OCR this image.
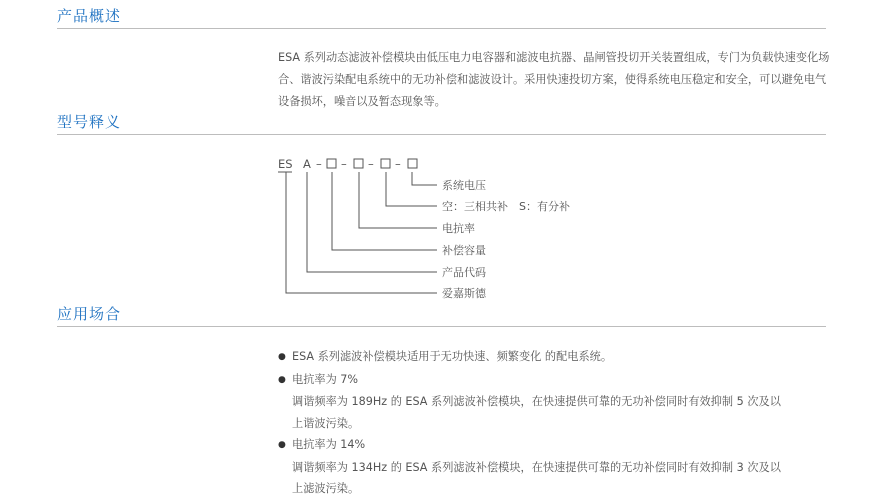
产品概述
ESA 系列动态滤波补偿模块由低压电力电容器和滤波电抗器、晶闸管投切开关装置组成，专门为负载快速变化场合、谐波污染配电系统中的无功补偿和滤波设计。采用快速投切方案，使得系统电压稳定和安全，可以避免电气设备损坏，噪音以及暂态现象等。
型号释义
ES A – – – –
系统电压
空：三相共补　S：有分补
电抗率
补偿容量
产品代码
爱嘉斯德
应用场合
● ESA 系列滤波补偿模块适用于无功快速、频繁变化 的配电系统。
● 电抗率为 7%
调谐频率为 189Hz 的 ESA 系列滤波补偿模块，在快速提供可靠的无功补偿同时有效抑制 5 次及以
上谐波污染。
● 电抗率为 14%
调谐频率为 134Hz 的 ESA 系列滤波补偿模块，在快速提供可靠的无功补偿同时有效抑制 3 次及以
上滤波污染。
